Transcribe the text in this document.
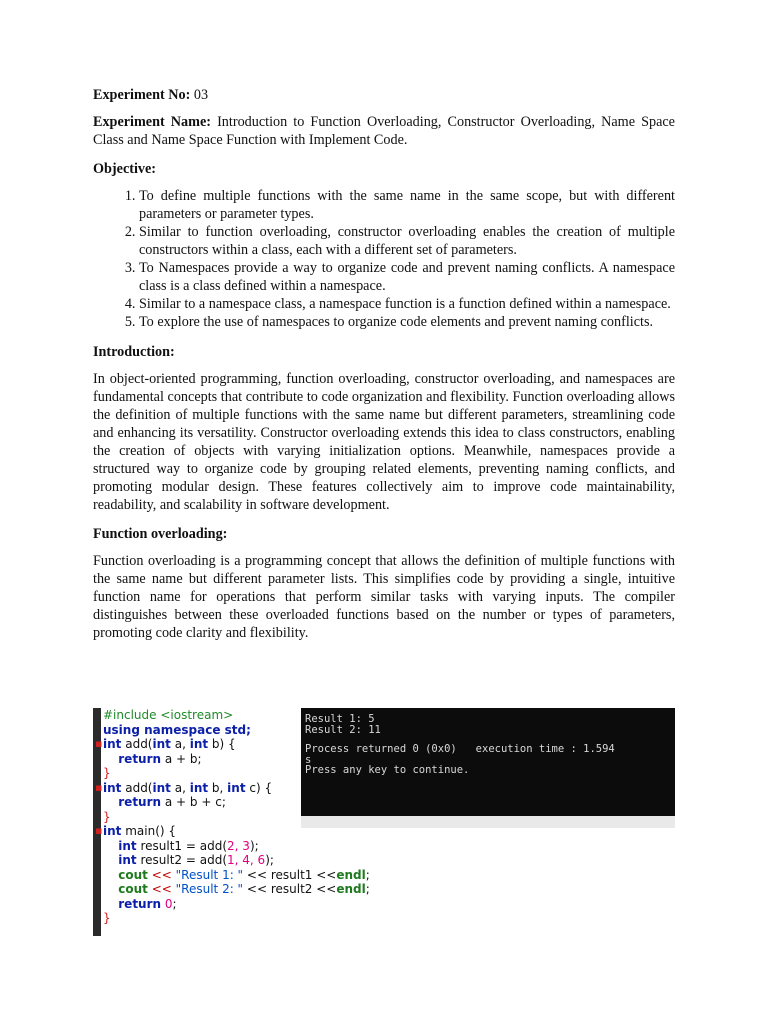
Experiment No: 03

Experiment Name: Introduction to Function Overloading, Constructor Overloading, Name Space Class and Name Space Function with Implement Code.

Objective:

1. To define multiple functions with the same name in the same scope, but with different parameters or parameter types.
2. Similar to function overloading, constructor overloading enables the creation of multiple constructors within a class, each with a different set of parameters.
3. To Namespaces provide a way to organize code and prevent naming conflicts. A namespace class is a class defined within a namespace.
4. Similar to a namespace class, a namespace function is a function defined within a namespace.
5. To explore the use of namespaces to organize code elements and prevent naming conflicts.

Introduction:

In object-oriented programming, function overloading, constructor overloading, and namespaces are fundamental concepts that contribute to code organization and flexibility. Function overloading allows the definition of multiple functions with the same name but different parameters, streamlining code and enhancing its versatility. Constructor overloading extends this idea to class constructors, enabling the creation of objects with varying initialization options. Meanwhile, namespaces provide a structured way to organize code by grouping related elements, preventing naming conflicts, and promoting modular design. These features collectively aim to improve code maintainability, readability, and scalability in software development.

Function overloading:

Function overloading is a programming concept that allows the definition of multiple functions with the same name but different parameter lists. This simplifies code by providing a single, intuitive function name for operations that perform similar tasks with varying inputs. The compiler distinguishes between these overloaded functions based on the number or types of parameters, promoting code clarity and flexibility.

#include <iostream>
using namespace std;
▪ int add(int a, int b) {
return a + b;
}
▪ int add(int a, int b, int c) {
return a + b + c;
}
▪ int main() {
int result1 = add(2, 3);
int result2 = add(1, 4, 6);
cout << "Result 1: " << result1 <<endl;
cout << "Result 2: " << result2 <<endl;
return 0;
}
Result 1: 5
Result 2: 11
Process returned 0 (0x0)   execution time : 1.594
s
Press any key to continue.
